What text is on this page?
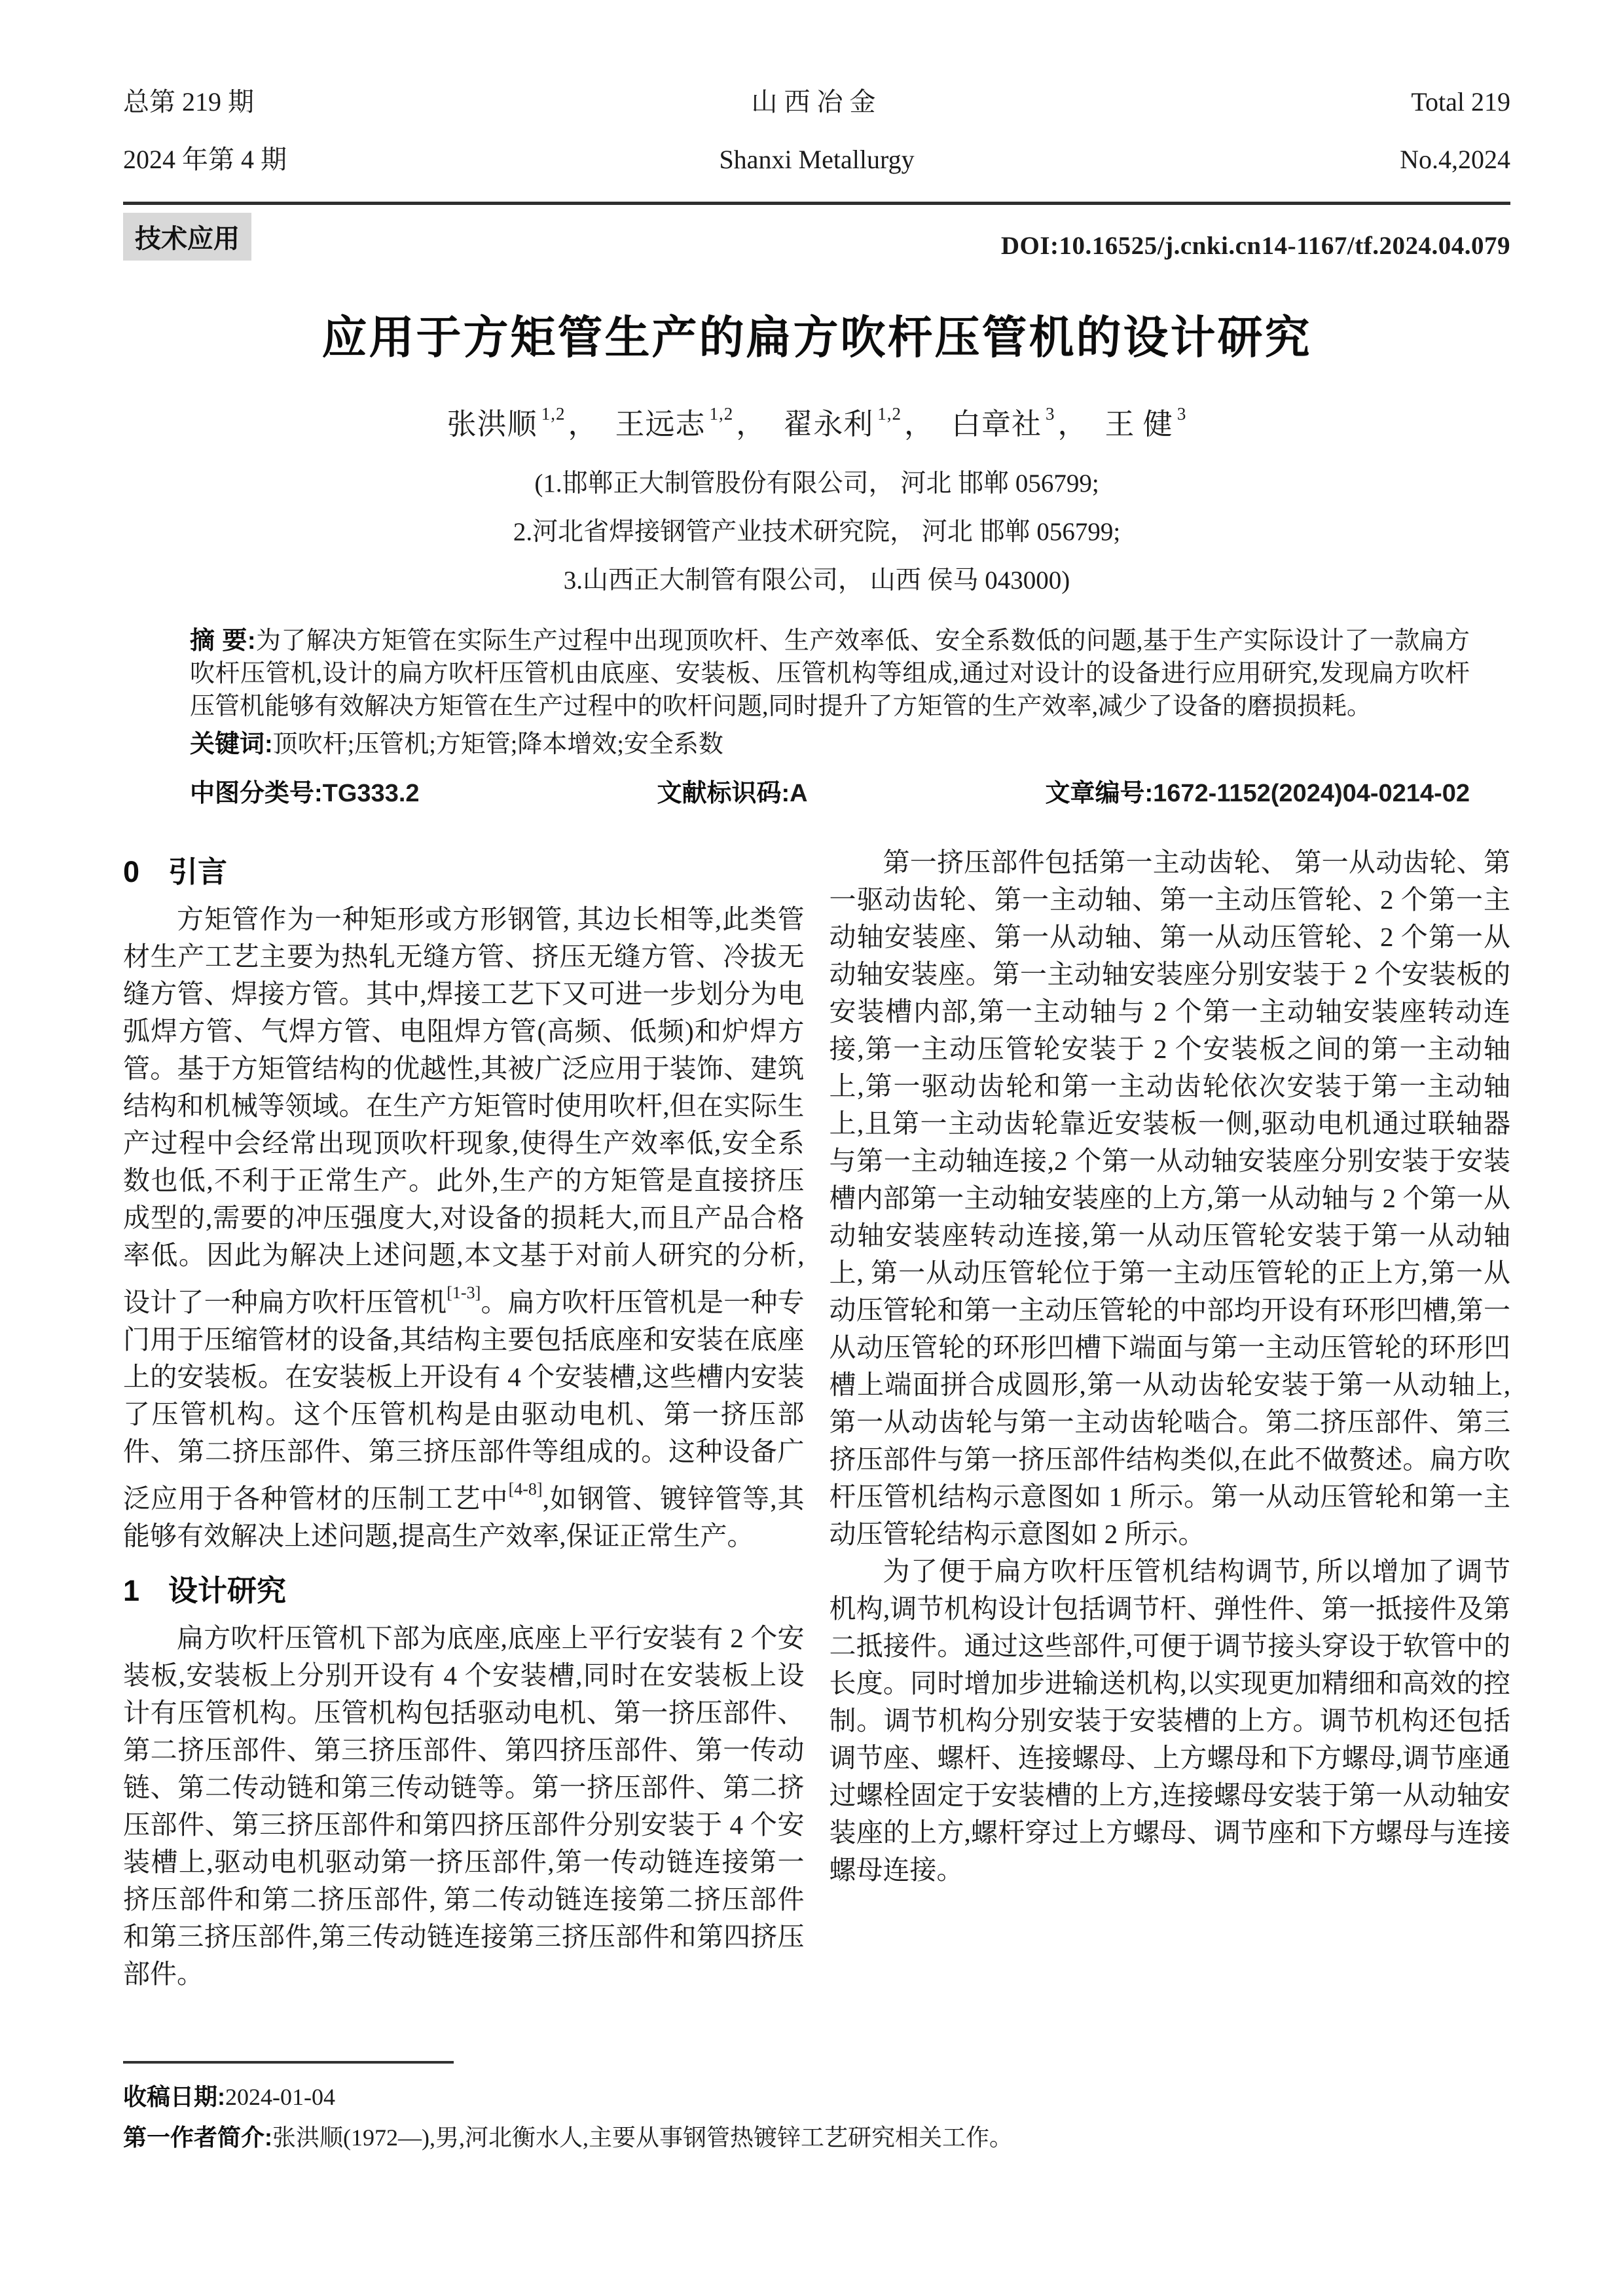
总第 219 期
2024 年第 4 期
山西冶金
Shanxi Metallurgy
Total 219
No.4,2024
技术应用	DOI:10.16525/j.cnki.cn14-1167/tf.2024.04.079
应用于方矩管生产的扁方吹杆压管机的设计研究
张洪顺 $^{1,2}$， 王远志 $^{1,2}$， 翟永利 $^{1,2}$， 白章社 $^3$， 王 健 $^3$

(1.邯郸正大制管股份有限公司， 河北 邯郸 056799;

2.河北省焊接钢管产业技术研究院， 河北 邯郸 056799;

3.山西正大制管有限公司， 山西 侯马 043000)

摘 要:为了解决方矩管在实际生产过程中出现顶吹杆、生产效率低、安全系数低的问题,基于生产实际设计了一款扁方吹杆压管机,设计的扁方吹杆压管机由底座、安装板、压管机构等组成,通过对设计的设备进行应用研究,发现扁方吹杆压管机能够有效解决方矩管在生产过程中的吹杆问题,同时提升了方矩管的生产效率,减少了设备的磨损损耗。

关键词:顶吹杆;压管机;方矩管;降本增效;安全系数

中图分类号:TG333.2	文献标识码:A	文章编号:1672-1152(2024)04-0214-02
0 引言

方矩管作为一种矩形或方形钢管, 其边长相等,此类管材生产工艺主要为热轧无缝方管、挤压无缝方管、冷拔无缝方管、焊接方管。其中,焊接工艺下又可进一步划分为电弧焊方管、气焊方管、电阻焊方管(高频、低频)和炉焊方管。基于方矩管结构的优越性,其被广泛应用于装饰、建筑结构和机械等领域。在生产方矩管时使用吹杆,但在实际生产过程中会经常出现顶吹杆现象,使得生产效率低,安全系数也低,不利于正常生产。此外,生产的方矩管是直接挤压成型的,需要的冲压强度大,对设备的损耗大,而且产品合格率低。因此为解决上述问题,本文基于对前人研究的分析,设计了一种扁方吹杆压管机[1-3]。扁方吹杆压管机是一种专门用于压缩管材的设备,其结构主要包括底座和安装在底座上的安装板。在安装板上开设有 4 个安装槽,这些槽内安装了压管机构。这个压管机构是由驱动电机、第一挤压部件、第二挤压部件、第三挤压部件等组成的。这种设备广泛应用于各种管材的压制工艺中[4-8],如钢管、镀锌管等,其能够有效解决上述问题,提高生产效率,保证正常生产。

1 设计研究

扁方吹杆压管机下部为底座,底座上平行安装有 2 个安装板,安装板上分别开设有 4 个安装槽,同时在安装板上设计有压管机构。压管机构包括驱动电机、第一挤压部件、第二挤压部件、第三挤压部件、第四挤压部件、第一传动链、第二传动链和第三传动链等。第一挤压部件、第二挤压部件、第三挤压部件和第四挤压部件分别安装于 4 个安装槽上,驱动电机驱动第一挤压部件,第一传动链连接第一挤压部件和第二挤压部件, 第二传动链连接第二挤压部件和第三挤压部件,第三传动链连接第三挤压部件和第四挤压部件。

第一挤压部件包括第一主动齿轮、 第一从动齿轮、第一驱动齿轮、第一主动轴、第一主动压管轮、2 个第一主动轴安装座、第一从动轴、第一从动压管轮、2 个第一从动轴安装座。第一主动轴安装座分别安装于 2 个安装板的安装槽内部,第一主动轴与 2 个第一主动轴安装座转动连接,第一主动压管轮安装于 2 个安装板之间的第一主动轴上,第一驱动齿轮和第一主动齿轮依次安装于第一主动轴上,且第一主动齿轮靠近安装板一侧,驱动电机通过联轴器与第一主动轴连接,2 个第一从动轴安装座分别安装于安装槽内部第一主动轴安装座的上方,第一从动轴与 2 个第一从动轴安装座转动连接,第一从动压管轮安装于第一从动轴上, 第一从动压管轮位于第一主动压管轮的正上方,第一从动压管轮和第一主动压管轮的中部均开设有环形凹槽,第一从动压管轮的环形凹槽下端面与第一主动压管轮的环形凹槽上端面拼合成圆形,第一从动齿轮安装于第一从动轴上,第一从动齿轮与第一主动齿轮啮合。第二挤压部件、第三挤压部件与第一挤压部件结构类似,在此不做赘述。扁方吹杆压管机结构示意图如 1 所示。第一从动压管轮和第一主动压管轮结构示意图如 2 所示。

为了便于扁方吹杆压管机结构调节, 所以增加了调节机构,调节机构设计包括调节杆、弹性件、第一抵接件及第二抵接件。通过这些部件,可便于调节接头穿设于软管中的长度。同时增加步进输送机构,以实现更加精细和高效的控制。调节机构分别安装于安装槽的上方。调节机构还包括调节座、螺杆、连接螺母、上方螺母和下方螺母,调节座通过螺栓固定于安装槽的上方,连接螺母安装于第一从动轴安装座的上方,螺杆穿过上方螺母、调节座和下方螺母与连接螺母连接。

收稿日期:2024-01-04

第一作者简介:张洪顺(1972—),男,河北衡水人,主要从事钢管热镀锌工艺研究相关工作。
